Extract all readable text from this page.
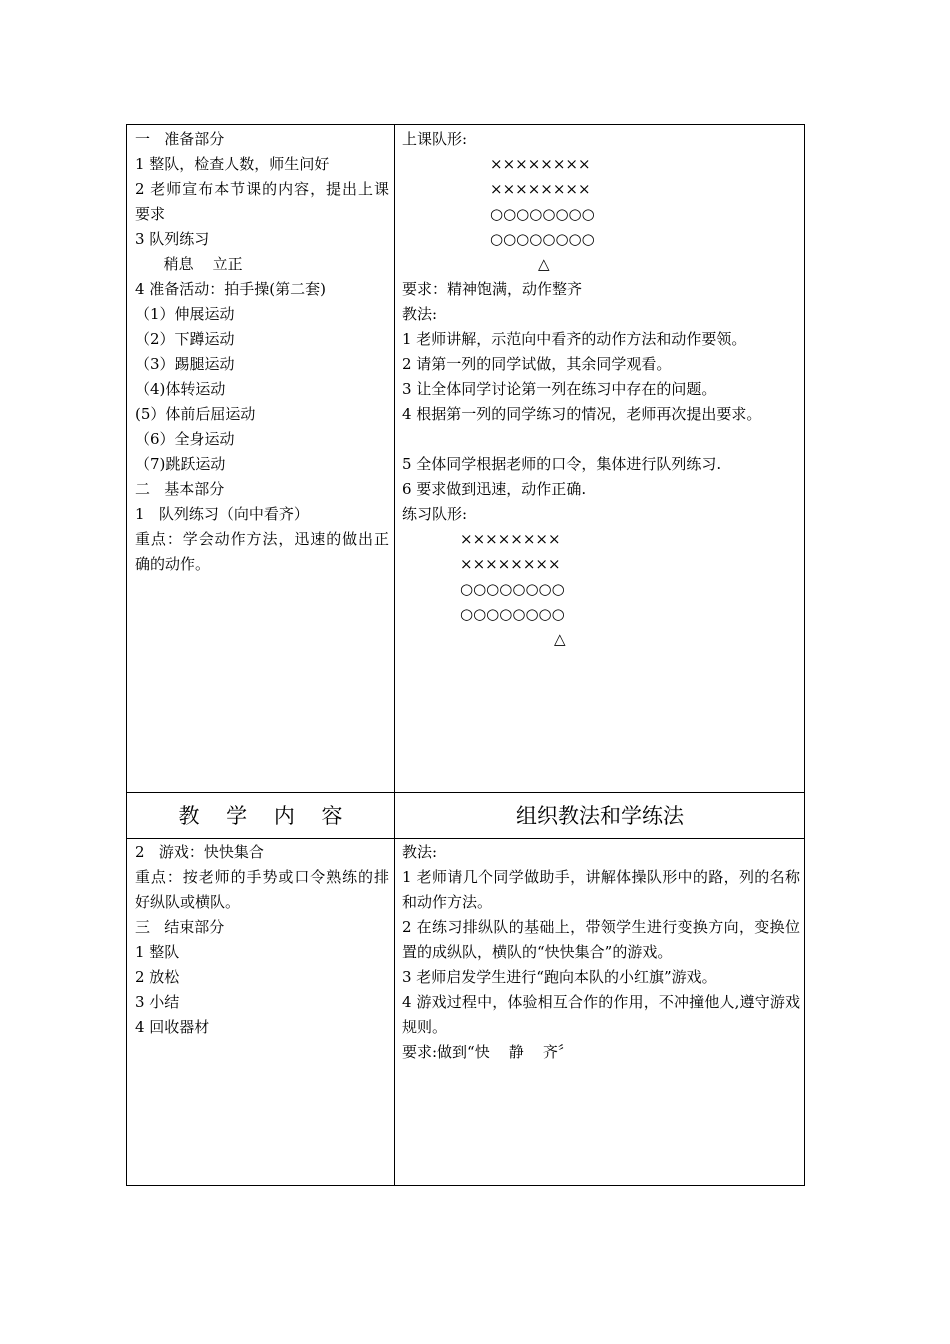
一   准备部分
1 整队，检查人数，师生问好
2 老师宣布本节课的内容，提出上课要求
3 队列练习
稍息    立正
4 准备活动：拍手操(第二套)
（1）伸展运动
（2）下蹲运动
（3）踢腿运动
（4)体转运动
(5）体前后屈运动
（6）全身运动
（7)跳跃运动
二   基本部分
1   队列练习（向中看齐）
重点：学会动作方法，迅速的做出正确的动作。
上课队形:
××××××××
××××××××
○○○○○○○○
○○○○○○○○
△
要求：精神饱满，动作整齐
教法:
1 老师讲解，示范向中看齐的动作方法和动作要领。
2 请第一列的同学试做，其余同学观看。
3 让全体同学讨论第一列在练习中存在的问题。
4 根据第一列的同学练习的情况，老师再次提出要求。
5 全体同学根据老师的口令，集体进行队列练习.
6 要求做到迅速，动作正确.
练习队形:
××××××××
××××××××
○○○○○○○○
○○○○○○○○
△
教    学    内    容	组织教法和学练法
2   游戏：快快集合
重点：按老师的手势或口令熟练的排好纵队或横队。
三   结束部分
1 整队
2 放松
3 小结
4 回收器材
教法:
1 老师请几个同学做助手，讲解体操队形中的路，列的名称和动作方法。
2 在练习排纵队的基础上，带领学生进行变换方向，变换位置的成纵队，横队的“快快集合”的游戏。
3 老师启发学生进行“跑向本队的小红旗”游戏。
4 游戏过程中，体验相互合作的作用，不冲撞他人,遵守游戏规则。
要求:做到“快    静    齐〞
